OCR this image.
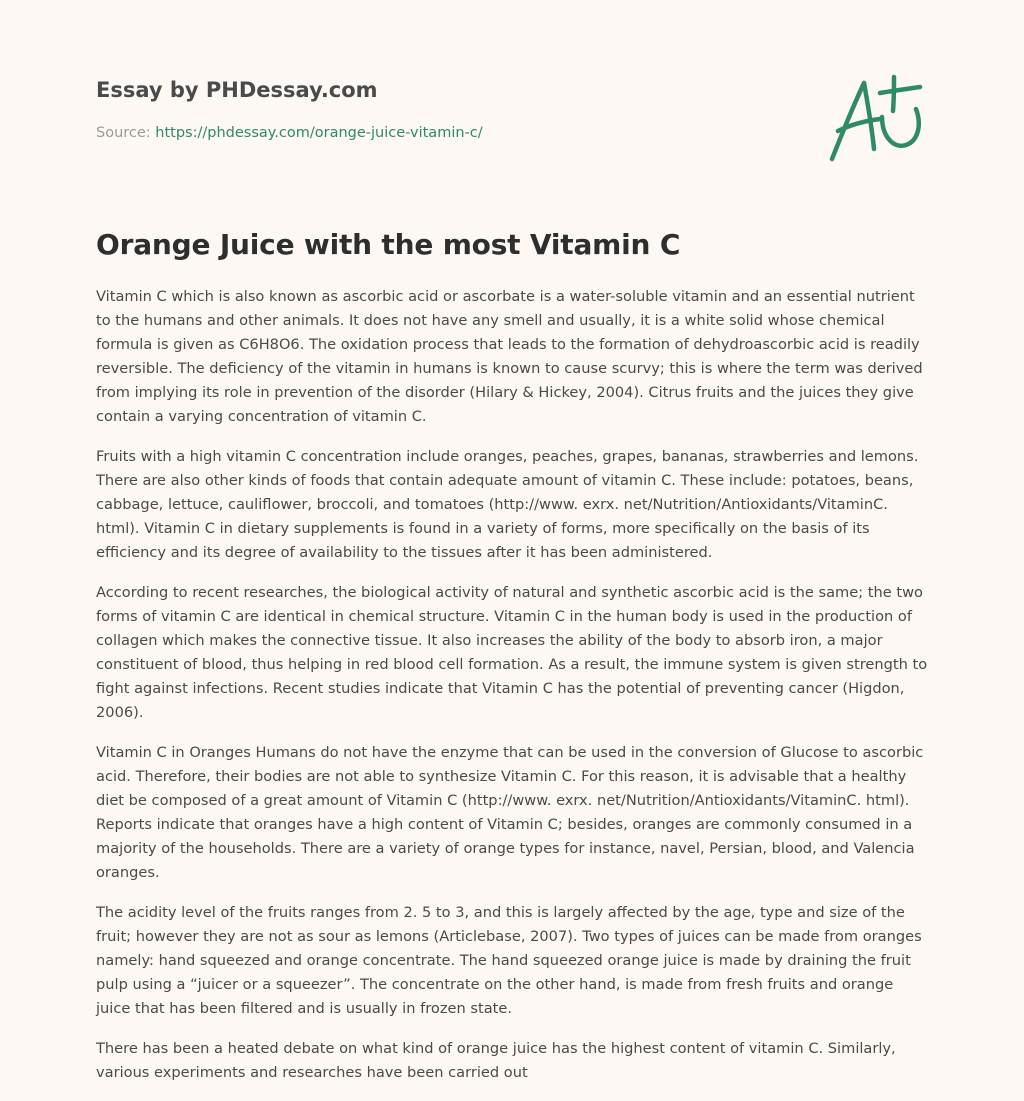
Essay by PHDessay.com
Source: https://phdessay.com/orange-juice-vitamin-c/
Orange Juice with the most Vitamin C

Vitamin C which is also known as ascorbic acid or ascorbate is a water-soluble vitamin and an essential nutrient to the humans and other animals. It does not have any smell and usually, it is a white solid whose chemical formula is given as C6H8O6. The oxidation process that leads to the formation of dehydroascorbic acid is readily reversible. The deficiency of the vitamin in humans is known to cause scurvy; this is where the term was derived from implying its role in prevention of the disorder (Hilary & Hickey, 2004). Citrus fruits and the juices they give contain a varying concentration of vitamin C.

Fruits with a high vitamin C concentration include oranges, peaches, grapes, bananas, strawberries and lemons. There are also other kinds of foods that contain adequate amount of vitamin C. These include: potatoes, beans, cabbage, lettuce, cauliflower, broccoli, and tomatoes (http://www. exrx. net/Nutrition/Antioxidants/VitaminC. html). Vitamin C in dietary supplements is found in a variety of forms, more specifically on the basis of its efficiency and its degree of availability to the tissues after it has been administered.

According to recent researches, the biological activity of natural and synthetic ascorbic acid is the same; the two forms of vitamin C are identical in chemical structure. Vitamin C in the human body is used in the production of collagen which makes the connective tissue. It also increases the ability of the body to absorb iron, a major constituent of blood, thus helping in red blood cell formation. As a result, the immune system is given strength to fight against infections. Recent studies indicate that Vitamin C has the potential of preventing cancer (Higdon, 2006).

Vitamin C in Oranges Humans do not have the enzyme that can be used in the conversion of Glucose to ascorbic acid. Therefore, their bodies are not able to synthesize Vitamin C. For this reason, it is advisable that a healthy diet be composed of a great amount of Vitamin C (http://www. exrx. net/Nutrition/Antioxidants/VitaminC. html). Reports indicate that oranges have a high content of Vitamin C; besides, oranges are commonly consumed in a majority of the households. There are a variety of orange types for instance, navel, Persian, blood, and Valencia oranges.

The acidity level of the fruits ranges from 2. 5 to 3, and this is largely affected by the age, type and size of the fruit; however they are not as sour as lemons (Articlebase, 2007). Two types of juices can be made from oranges namely: hand squeezed and orange concentrate. The hand squeezed orange juice is made by draining the fruit pulp using a “juicer or a squeezer”. The concentrate on the other hand, is made from fresh fruits and orange juice that has been filtered and is usually in frozen state.

There has been a heated debate on what kind of orange juice has the highest content of vitamin C. Similarly, various experiments and researches have been carried out
